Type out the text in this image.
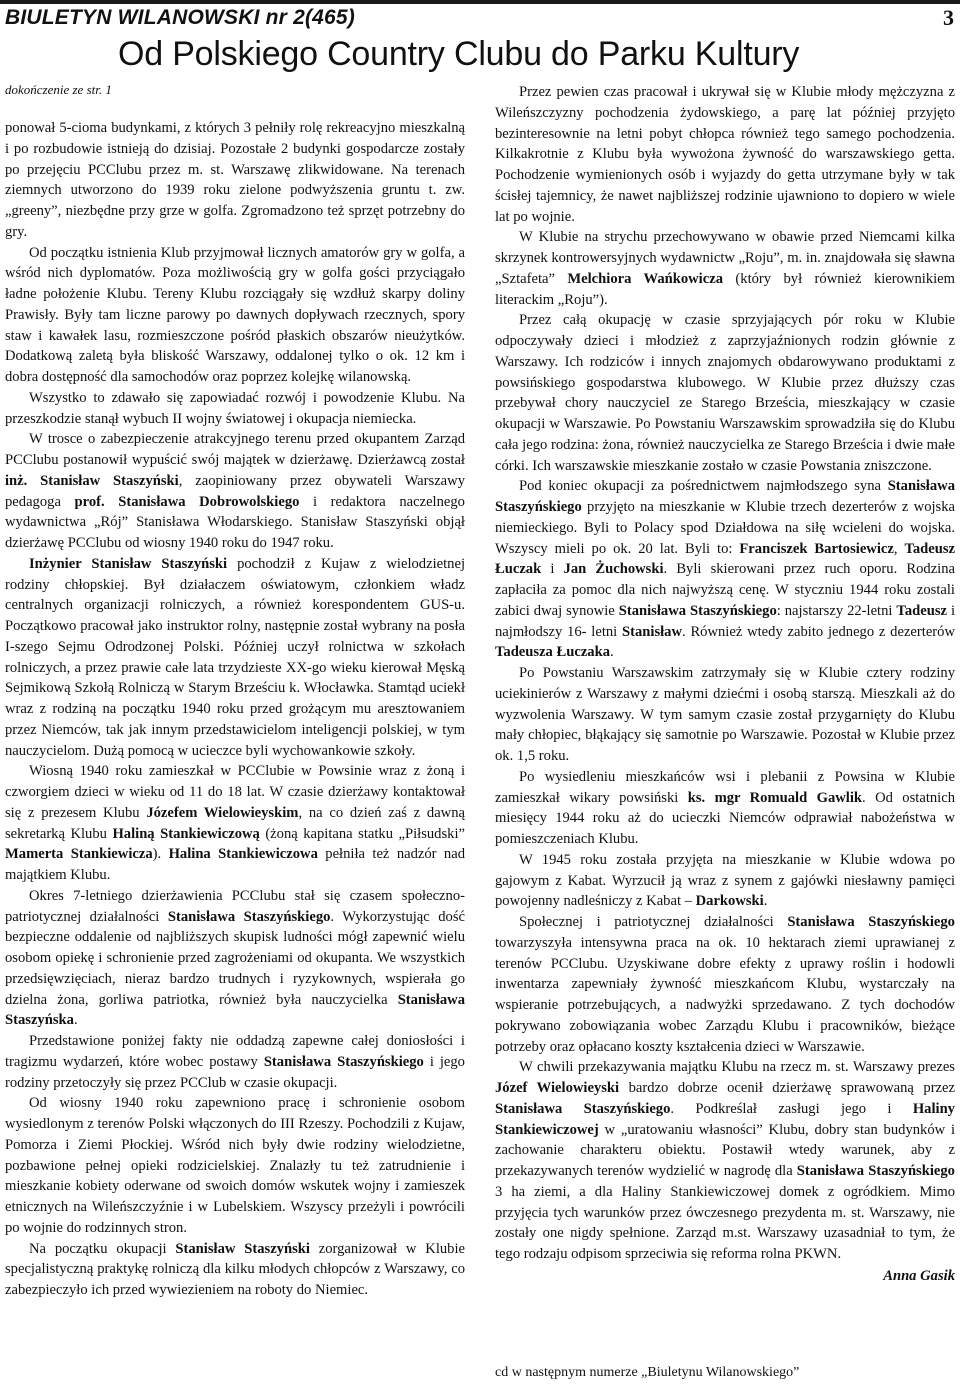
BIULETYN WILANOWSKI nr 2(465)	3
Od Polskiego Country Clubu do Parku Kultury
dokończenie ze str. 1

ponował 5-cioma budynkami, z których 3 pełniły rolę rekreacyjno mieszkalną i po rozbudowie istnieją do dzisiaj. Pozostałe 2 budynki gospodarcze zostały po przejęciu PCClubu przez m. st. Warszawę zlikwidowane. Na terenach ziemnych utworzono do 1939 roku zielone podwyższenia gruntu t. zw. „greeny”, niezbędne przy grze w golfa. Zgromadzono też sprzęt potrzebny do gry.

Od początku istnienia Klub przyjmował licznych amatorów gry w golfa, a wśród nich dyplomatów. Poza możliwością gry w golfa gości przyciągało ładne położenie Klubu. Tereny Klubu rozciągały się wzdłuż skarpy doliny Prawisły. Były tam liczne parowy po dawnych dopływach rzecznych, spory staw i kawałek lasu, rozmieszczone pośród płaskich obszarów nieużytków. Dodatkową zaletą była bliskość Warszawy, oddalonej tylko o ok. 12 km i dobra dostępność dla samochodów oraz poprzez kolejkę wilanowską.

Wszystko to zdawało się zapowiadać rozwój i powodzenie Klubu. Na przeszkodzie stanął wybuch II wojny światowej i okupacja niemiecka.

W trosce o zabezpieczenie atrakcyjnego terenu przed okupantem Zarząd PCClubu postanowił wypuścić swój majątek w dzierżawę. Dzierżawcą został inż. Stanisław Staszyński, zaopiniowany przez obywateli Warszawy pedagoga prof. Stanisława Dobrowolskiego i redaktora naczelnego wydawnictwa „Rój” Stanisława Włodarskiego. Stanisław Staszyński objął dzierżawę PCClubu od wiosny 1940 roku do 1947 roku.

Inżynier Stanisław Staszyński pochodził z Kujaw z wielodzietnej rodziny chłopskiej. Był działaczem oświatowym, członkiem władz centralnych organizacji rolniczych, a również korespondentem GUS-u. Początkowo pracował jako instruktor rolny, następnie został wybrany na posła I-szego Sejmu Odrodzonej Polski. Później uczył rolnictwa w szkołach rolniczych, a przez prawie całe lata trzydzieste XX-go wieku kierował Męską Sejmikową Szkołą Rolniczą w Starym Brześciu k. Włocławka. Stamtąd uciekł wraz z rodziną na początku 1940 roku przed grożącym mu aresztowaniem przez Niemców, tak jak innym przedstawicielom inteligencji polskiej, w tym nauczycielom. Dużą pomocą w ucieczce byli wychowankowie szkoły.

Wiosną 1940 roku zamieszkał w PCClubie w Powsinie wraz z żoną i czworgiem dzieci w wieku od 11 do 18 lat. W czasie dzierżawy kontaktował się z prezesem Klubu Józefem Wielowieyskim, na co dzień zaś z dawną sekretarką Klubu Haliną Stankiewiczową (żoną kapitana statku „Piłsudski” Mamerta Stankiewicza). Halina Stankiewiczowa pełniła też nadzór nad majątkiem Klubu.

Okres 7-letniego dzierżawienia PCClubu stał się czasem społeczno-patriotycznej działalności Stanisława Staszyńskiego. Wykorzystując dość bezpieczne oddalenie od najbliższych skupisk ludności mógł zapewnić wielu osobom opiekę i schronienie przed zagrożeniami od okupanta. We wszystkich przedsięwzięciach, nieraz bardzo trudnych i ryzykownych, wspierała go dzielna żona, gorliwa patriotka, również była nauczycielka Stanisława Staszyńska.

Przedstawione poniżej fakty nie oddadzą zapewne całej doniosłości i tragizmu wydarzeń, które wobec postawy Stanisława Staszyńskiego i jego rodziny przetoczyły się przez PCClub w czasie okupacji.

Od wiosny 1940 roku zapewniono pracę i schronienie osobom wysiedlonym z terenów Polski włączonych do III Rzeszy. Pochodzili z Kujaw, Pomorza i Ziemi Płockiej. Wśród nich były dwie rodziny wielodzietne, pozbawione pełnej opieki rodzicielskiej. Znalazły tu też zatrudnienie i mieszkanie kobiety oderwane od swoich domów wskutek wojny i zamieszek etnicznych na Wileńszczyźnie i w Lubelskiem. Wszyscy przeżyli i powrócili po wojnie do rodzinnych stron.

Na początku okupacji Stanisław Staszyński zorganizował w Klubie specjalistyczną praktykę rolniczą dla kilku młodych chłopców z Warszawy, co zabezpieczyło ich przed wywiezieniem na roboty do Niemiec.

Przez pewien czas pracował i ukrywał się w Klubie młody mężczyzna z Wileńszczyzny pochodzenia żydowskiego, a parę lat później przyjęto bezinteresownie na letni pobyt chłopca również tego samego pochodzenia. Kilkakrotnie z Klubu była wywożona żywność do warszawskiego getta. Pochodzenie wymienionych osób i wyjazdy do getta utrzymane były w tak ścisłej tajemnicy, że nawet najbliższej rodzinie ujawniono to dopiero w wiele lat po wojnie.

W Klubie na strychu przechowywano w obawie przed Niemcami kilka skrzynek kontrowersyjnych wydawnictw „Roju”, m. in. znajdowała się sławna „Sztafeta” Melchiora Wańkowicza (który był również kierownikiem literackim „Roju”).

Przez całą okupację w czasie sprzyjających pór roku w Klubie odpoczywały dzieci i młodzież z zaprzyjaźnionych rodzin głównie z Warszawy. Ich rodziców i innych znajomych obdarowywano produktami z powsińskiego gospodarstwa klubowego. W Klubie przez dłuższy czas przebywał chory nauczyciel ze Starego Brześcia, mieszkający w czasie okupacji w Warszawie. Po Powstaniu Warszawskim sprowadziła się do Klubu cała jego rodzina: żona, również nauczycielka ze Starego Brześcia i dwie małe córki. Ich warszawskie mieszkanie zostało w czasie Powstania zniszczone.

Pod koniec okupacji za pośrednictwem najmłodszego syna Stanisława Staszyńskiego przyjęto na mieszkanie w Klubie trzech dezerterów z wojska niemieckiego. Byli to Polacy spod Działdowa na siłę wcieleni do wojska. Wszyscy mieli po ok. 20 lat. Byli to: Franciszek Bartosiewicz, Tadeusz Łuczak i Jan Żuchowski. Byli skierowani przez ruch oporu. Rodzina zapłaciła za pomoc dla nich najwyższą cenę. W styczniu 1944 roku zostali zabici dwaj synowie Stanisława Staszyńskiego: najstarszy 22-letni Tadeusz i najmłodszy 16- letni Stanisław. Również wtedy zabito jednego z dezerterów Tadeusza Łuczaka.

Po Powstaniu Warszawskim zatrzymały się w Klubie cztery rodziny uciekinierów z Warszawy z małymi dziećmi i osobą starszą. Mieszkali aż do wyzwolenia Warszawy. W tym samym czasie został przygarnięty do Klubu mały chłopiec, błąkający się samotnie po Warszawie. Pozostał w Klubie przez ok. 1,5 roku.

Po wysiedleniu mieszkańców wsi i plebanii z Powsina w Klubie zamieszkał wikary powsiński ks. mgr Romuald Gawlik. Od ostatnich miesięcy 1944 roku aż do ucieczki Niemców odprawiał nabożeństwa w pomieszczeniach Klubu.

W 1945 roku została przyjęta na mieszkanie w Klubie wdowa po gajowym z Kabat. Wyrzucił ją wraz z synem z gajówki niesławny pamięci powojenny nadleśniczy z Kabat – Darkowski.

Społecznej i patriotycznej działalności Stanisława Staszyńskiego towarzyszyła intensywna praca na ok. 10 hektarach ziemi uprawianej z terenów PCClubu. Uzyskiwane dobre efekty z uprawy roślin i hodowli inwentarza zapewniały żywność mieszkańcom Klubu, wystarczały na wspieranie potrzebujących, a nadwyżki sprzedawano. Z tych dochodów pokrywano zobowiązania wobec Zarządu Klubu i pracowników, bieżące potrzeby oraz opłacano koszty kształcenia dzieci w Warszawie.

W chwili przekazywania majątku Klubu na rzecz m. st. Warszawy prezes Józef Wielowieyski bardzo dobrze ocenił dzierżawę sprawowaną przez Stanisława Staszyńskiego. Podkreślał zasługi jego i Haliny Stankiewiczowej w „uratowaniu własności” Klubu, dobry stan budynków i zachowanie charakteru obiektu. Postawił wtedy warunek, aby z przekazywanych terenów wydzielić w nagrodę dla Stanisława Staszyńskiego 3 ha ziemi, a dla Haliny Stankiewiczowej domek z ogródkiem. Mimo przyjęcia tych warunków przez ówczesnego prezydenta m. st. Warszawy, nie zostały one nigdy spełnione. Zarząd m.st. Warszawy uzasadniał to tym, że tego rodzaju odpisom sprzeciwia się reforma rolna PKWN.

Anna Gasik

cd w następnym numerze „Biuletynu Wilanowskiego”
